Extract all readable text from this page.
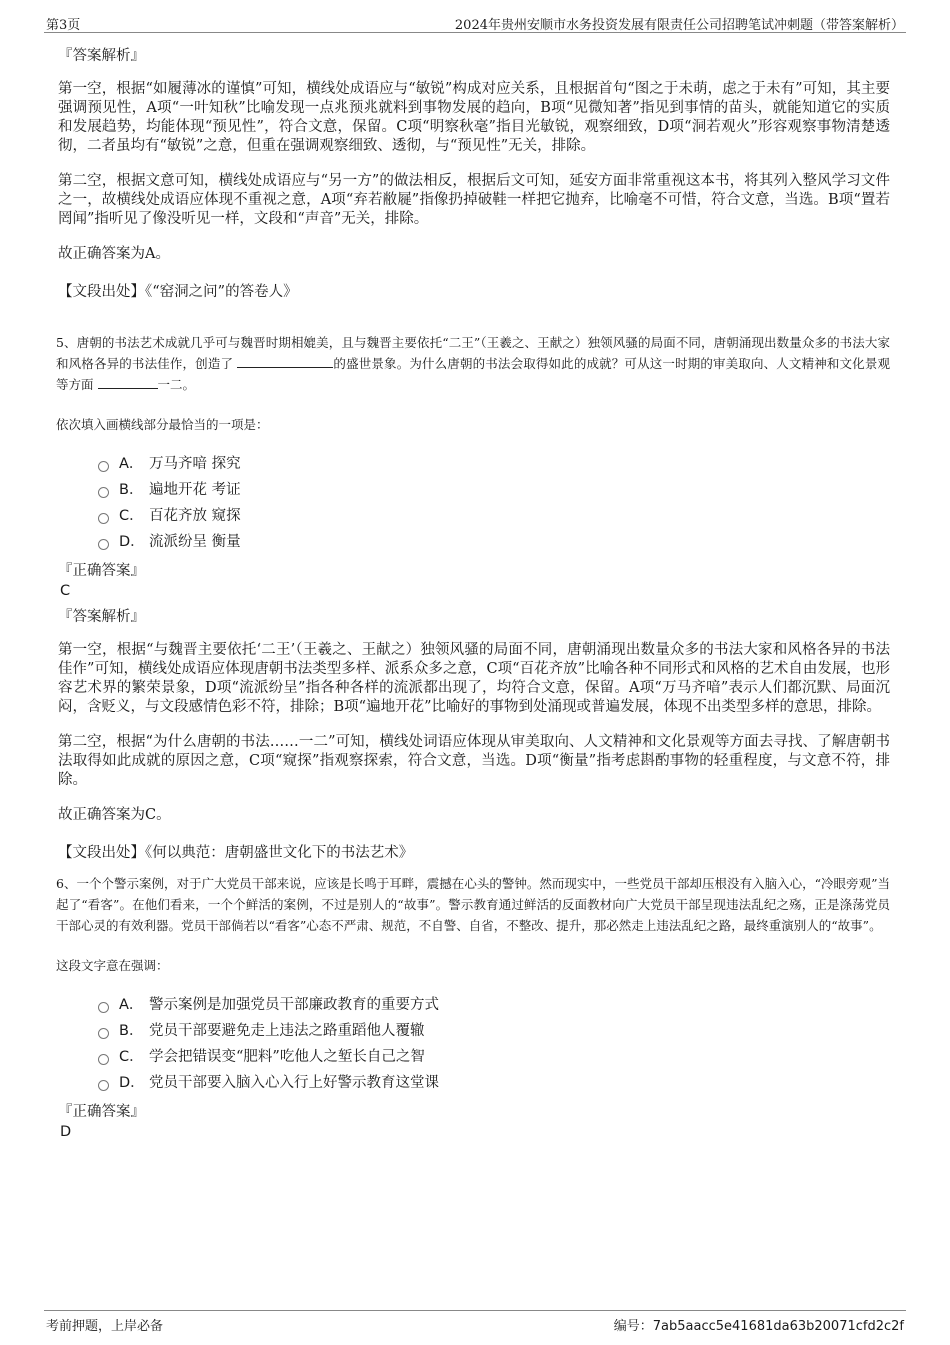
第3页	2024年贵州安顺市水务投资发展有限责任公司招聘笔试冲刺题（带答案解析）

『答案解析』

第一空，根据“如履薄冰的谨慎”可知，横线处成语应与“敏锐”构成对应关系，且根据首句“图之于未萌，虑之于未有”可知，其主要强调预见性，A项“一叶知秋”比喻发现一点兆预兆就料到事物发展的趋向，B项“见微知著”指见到事情的苗头，就能知道它的实质和发展趋势，均能体现“预见性”，符合文意，保留。C项“明察秋毫”指目光敏锐，观察细致，D项“洞若观火”形容观察事物清楚透彻，二者虽均有“敏锐”之意，但重在强调观察细致、透彻，与“预见性”无关，排除。

第二空，根据文意可知，横线处成语应与“另一方”的做法相反，根据后文可知，延安方面非常重视这本书，将其列入整风学习文件之一，故横线处成语应体现不重视之意，A项“弃若敝屣”指像扔掉破鞋一样把它抛弃，比喻毫不可惜，符合文意，当选。B项“置若罔闻”指听见了像没听见一样，文段和“声音”无关，排除。

故正确答案为A。

【文段出处】《“窑洞之问”的答卷人》

5、唐朝的书法艺术成就几乎可与魏晋时期相媲美，且与魏晋主要依托“二王”（王羲之、王献之）独领风骚的局面不同，唐朝涌现出数量众多的书法大家和风格各异的书法佳作，创造了	的盛世景象。为什么唐朝的书法会取得如此的成就？可从这一时期的审美取向、人文精神和文化景观等方面	一二。

依次填入画横线部分最恰当的一项是：

A． 万马齐喑 探究
B． 遍地开花 考证
C． 百花齐放 窥探
D． 流派纷呈 衡量

『正确答案』

C

『答案解析』

第一空，根据“与魏晋主要依托‘二王’（王羲之、王献之）独领风骚的局面不同，唐朝涌现出数量众多的书法大家和风格各异的书法佳作”可知，横线处成语应体现唐朝书法类型多样、派系众多之意，C项“百花齐放”比喻各种不同形式和风格的艺术自由发展，也形容艺术界的繁荣景象，D项“流派纷呈”指各种各样的流派都出现了，均符合文意，保留。A项“万马齐喑”表示人们都沉默、局面沉闷，含贬义，与文段感情色彩不符，排除；B项“遍地开花”比喻好的事物到处涌现或普遍发展，体现不出类型多样的意思，排除。

第二空，根据“为什么唐朝的书法……一二”可知，横线处词语应体现从审美取向、人文精神和文化景观等方面去寻找、了解唐朝书法取得如此成就的原因之意，C项“窥探”指观察探索，符合文意，当选。D项“衡量”指考虑斟酌事物的轻重程度，与文意不符，排除。

故正确答案为C。

【文段出处】《何以典范：唐朝盛世文化下的书法艺术》

6、一个个警示案例，对于广大党员干部来说，应该是长鸣于耳畔，震撼在心头的警钟。然而现实中，一些党员干部却压根没有入脑入心，“冷眼旁观”当起了“看客”。在他们看来，一个个鲜活的案例，不过是别人的“故事”。警示教育通过鲜活的反面教材向广大党员干部呈现违法乱纪之殇，正是涤荡党员干部心灵的有效利器。党员干部倘若以“看客”心态不严肃、规范，不自警、自省，不整改、提升，那必然走上违法乱纪之路，最终重演别人的“故事”。

这段文字意在强调：

A． 警示案例是加强党员干部廉政教育的重要方式
B． 党员干部要避免走上违法之路重蹈他人覆辙
C． 学会把错误变“肥料”吃他人之堑长自己之智
D． 党员干部要入脑入心入行上好警示教育这堂课

『正确答案』

D

考前押题，上岸必备	编号：7ab5aacc5e41681da63b20071cfd2c2f
